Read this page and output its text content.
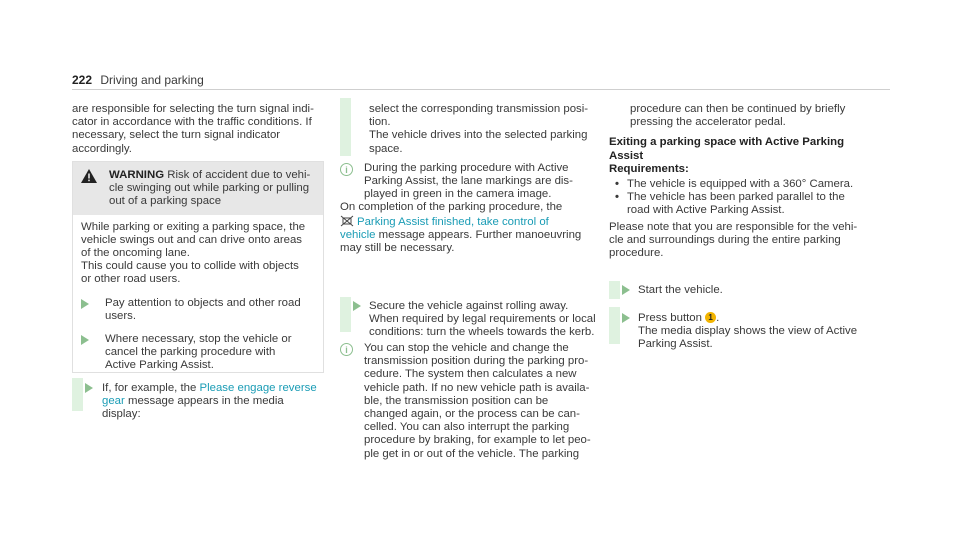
222 Driving and parking

are responsible for selecting the turn signal indi-

cator in accordance with the traffic conditions. If

necessary, select the turn signal indicator

accordingly.

WARNING Risk of accident due to vehi-

cle swinging out while parking or pulling

out of a parking space

While parking or exiting a parking space, the

vehicle swings out and can drive onto areas

of the oncoming lane.

This could cause you to collide with objects

or other road users.

Pay attention to objects and other road

users.

Where necessary, stop the vehicle or

cancel the parking procedure with

Active Parking Assist.

If, for example, the Please engage reverse

gear message appears in the media display:

select the corresponding transmission posi-

tion.

The vehicle drives into the selected parking

space.

i	During the parking procedure with Active

Parking Assist, the lane markings are dis-

played in green in the camera image.

On completion of the parking procedure, the

Parking Assist finished, take control of

vehicle message appears. Further manoeuvring

may still be necessary.

Secure the vehicle against rolling away.

When required by legal requirements or local

conditions: turn the wheels towards the kerb.

i	You can stop the vehicle and change the

transmission position during the parking pro-

cedure. The system then calculates a new

vehicle path. If no new vehicle path is availa-

ble, the transmission position can be

changed again, or the process can be can-

celled. You can also interrupt the parking

procedure by braking, for example to let peo-

ple get in or out of the vehicle. The parking

procedure can then be continued by briefly

pressing the accelerator pedal.

Exiting a parking space with Active Parking

Assist

Requirements:

• The vehicle is equipped with a 360° Camera.
• The vehicle has been parked parallel to the
road with Active Parking Assist.

Please note that you are responsible for the vehi-

cle and surroundings during the entire parking

procedure.

Start the vehicle.

Press button 1 .

The media display shows the view of Active

Parking Assist.
